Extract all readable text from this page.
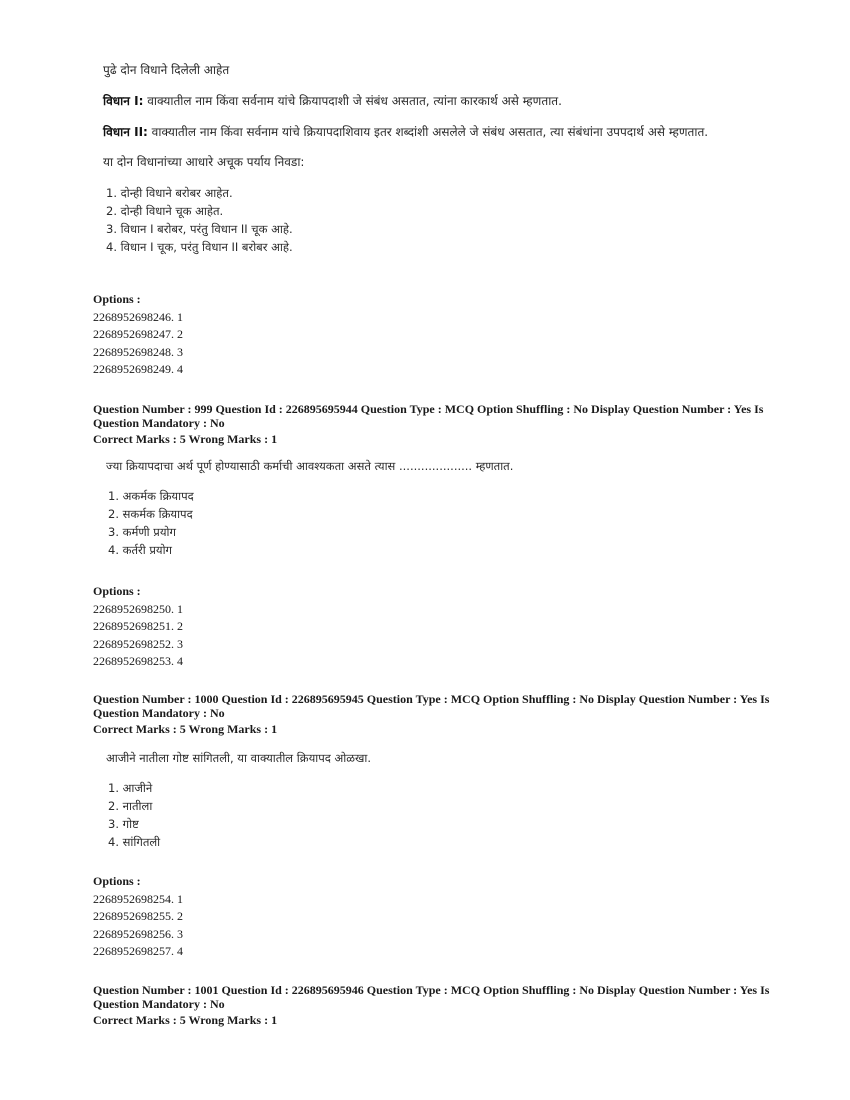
पुढे दोन विधाने दिलेली आहेत
विधान I: वाक्यातील नाम किंवा सर्वनाम यांचे क्रियापदाशी जे संबंध असतात, त्यांना कारकार्थ असे म्हणतात.
विधान II: वाक्यातील नाम किंवा सर्वनाम यांचे क्रियापदाशिवाय इतर शब्दांशी असलेले जे संबंध असतात, त्या संबंधांना उपपदार्थ असे म्हणतात.
या दोन विधानांच्या आधारे अचूक पर्याय निवडा:
1. दोन्ही विधाने बरोबर आहेत.
2. दोन्ही विधाने चूक आहेत.
3. विधान I बरोबर, परंतु विधान II चूक आहे.
4. विधान I चूक, परंतु विधान II बरोबर आहे.
Options :
2268952698246. 1
2268952698247. 2
2268952698248. 3
2268952698249. 4
Question Number : 999 Question Id : 226895695944 Question Type : MCQ Option Shuffling : No Display Question Number : Yes Is
Question Mandatory : No
Correct Marks : 5 Wrong Marks : 1
ज्या क्रियापदाचा अर्थ पूर्ण होण्यासाठी कर्माची आवश्यकता असते त्यास .................... म्हणतात.
1. अकर्मक क्रियापद
2. सकर्मक क्रियापद
3. कर्मणी प्रयोग
4. कर्तरी प्रयोग
Options :
2268952698250. 1
2268952698251. 2
2268952698252. 3
2268952698253. 4
Question Number : 1000 Question Id : 226895695945 Question Type : MCQ Option Shuffling : No Display Question Number : Yes Is
Question Mandatory : No
Correct Marks : 5 Wrong Marks : 1
आजीने नातीला गोष्ट सांगितली, या वाक्यातील क्रियापद ओळखा.
1. आजीने
2. नातीला
3. गोष्ट
4. सांगितली
Options :
2268952698254. 1
2268952698255. 2
2268952698256. 3
2268952698257. 4
Question Number : 1001 Question Id : 226895695946 Question Type : MCQ Option Shuffling : No Display Question Number : Yes Is
Question Mandatory : No
Correct Marks : 5 Wrong Marks : 1
